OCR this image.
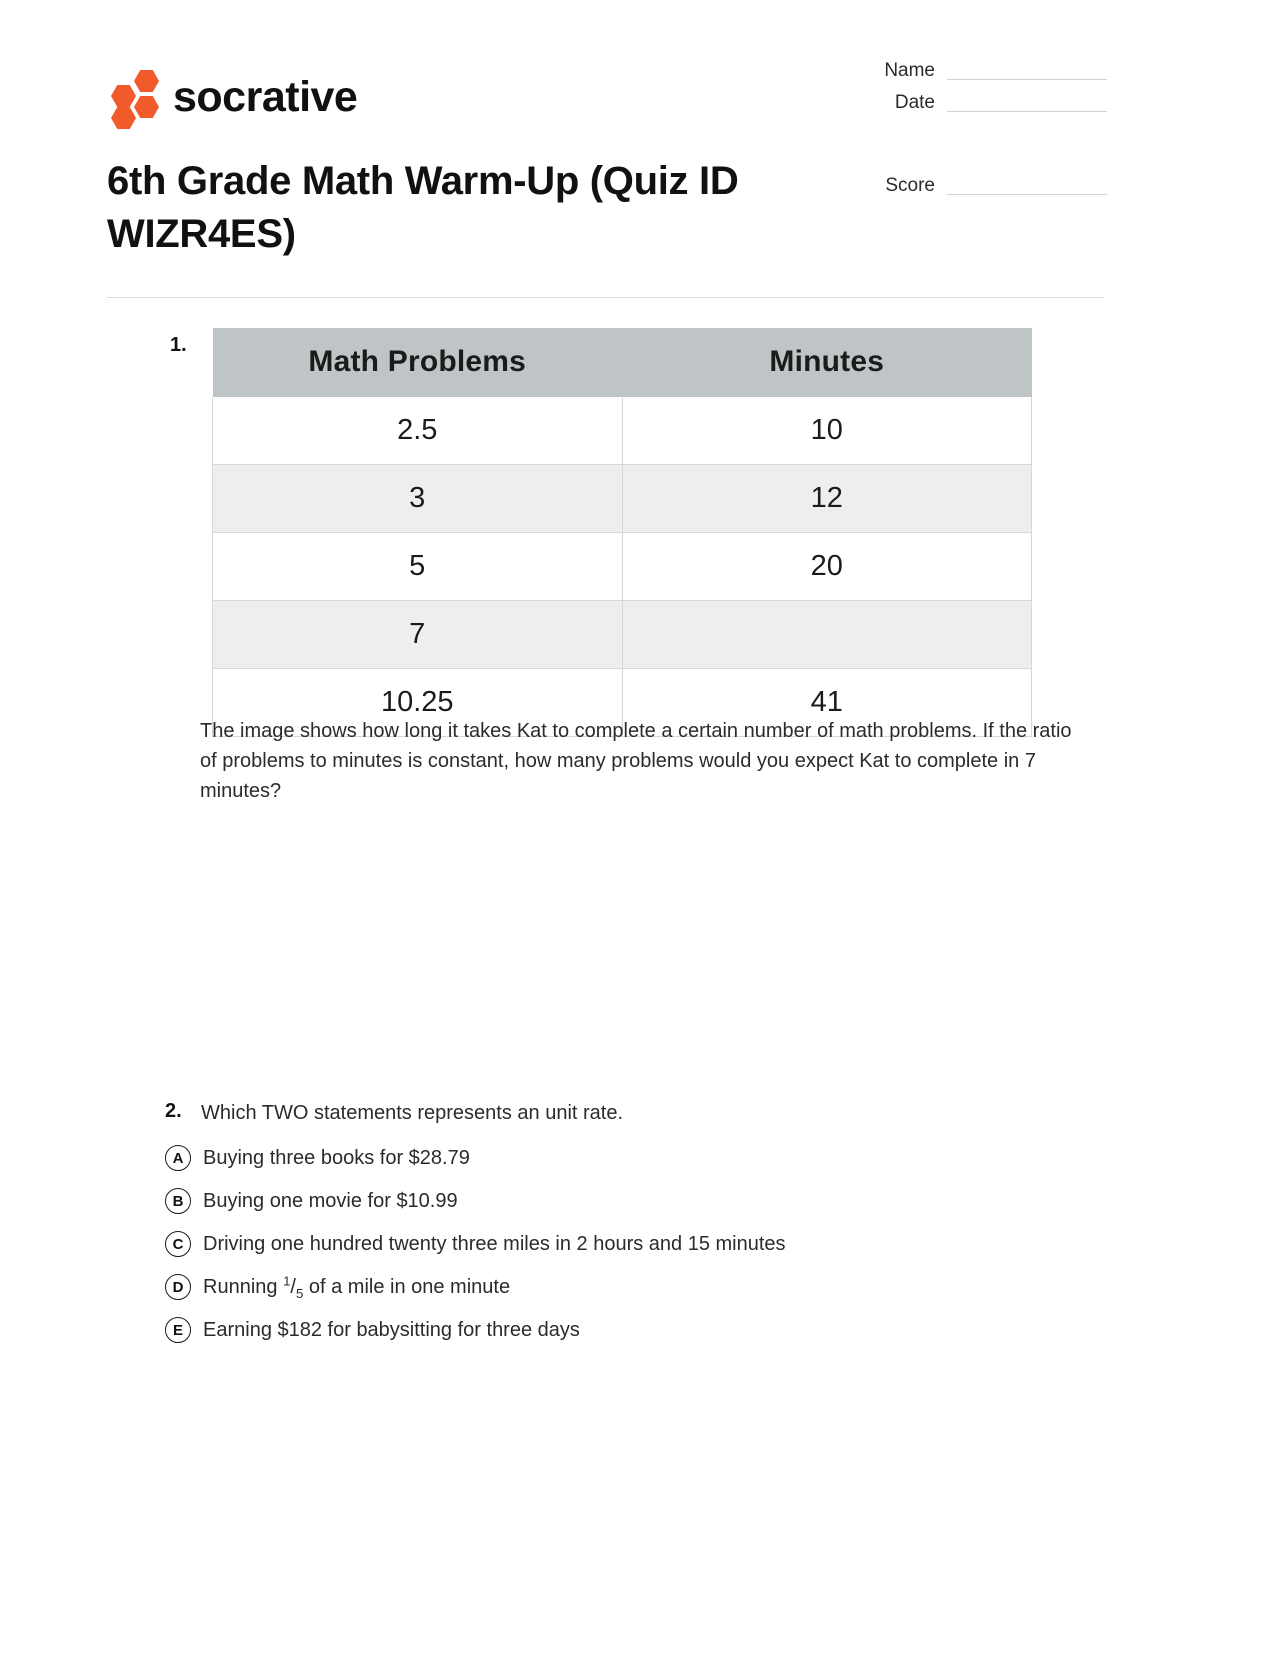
socrative
Name
Date
Score
6th Grade Math Warm-Up (Quiz ID WIZR4ES)
1.	Math Problems	Minutes
2.5	10
3	12
5	20
7	
10.25	41
The image shows how long it takes Kat to complete a certain number of math problems. If the ratio of problems to minutes is constant, how many problems would you expect Kat to complete in 7 minutes?
2. Which TWO statements represents an unit rate.
A Buying three books for $28.79
B Buying one movie for $10.99
C Driving one hundred twenty three miles in 2 hours and 15 minutes
D Running $^1/_5$ of a mile in one minute
E	Earning $182 for babysitting for three days
